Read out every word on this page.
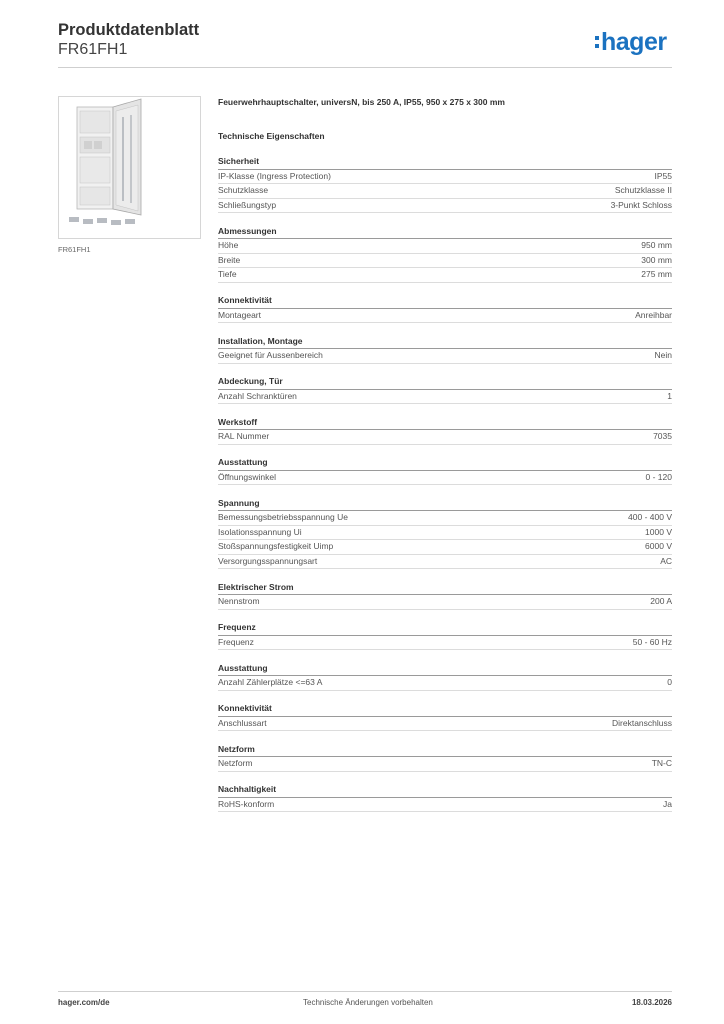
Produktdatenblatt
FR61FH1	hager
FR61FH1
Feuerwehrhauptschalter, universN, bis 250 A, IP55, 950 x 275 x 300 mm
Technische Eigenschaften
Sicherheit
IP-Klasse (Ingress Protection)	IP55
Schutzklasse	Schutzklasse II
Schließungstyp	3-Punkt Schloss
Abmessungen
Höhe	950 mm
Breite	300 mm
Tiefe	275 mm
Konnektivität
Montageart	Anreihbar
Installation, Montage
Geeignet für Aussenbereich	Nein
Abdeckung, Tür
Anzahl Schranktüren	1
Werkstoff
RAL Nummer	7035
Ausstattung
Öffnungswinkel	0 - 120
Spannung
Bemessungsbetriebsspannung Ue	400 - 400 V
Isolationsspannung Ui	1000 V
Stoßspannungsfestigkeit Uimp	6000 V
Versorgungsspannungsart	AC
Elektrischer Strom
Nennstrom	200 A
Frequenz
Frequenz	50 - 60 Hz
Ausstattung
Anzahl Zählerplätze <=63 A	0
Konnektivität
Anschlussart	Direktanschluss
Netzform
Netzform	TN-C
Nachhaltigkeit
RoHS-konform	Ja
hager.com/de	Technische Änderungen vorbehalten	18.03.2026
